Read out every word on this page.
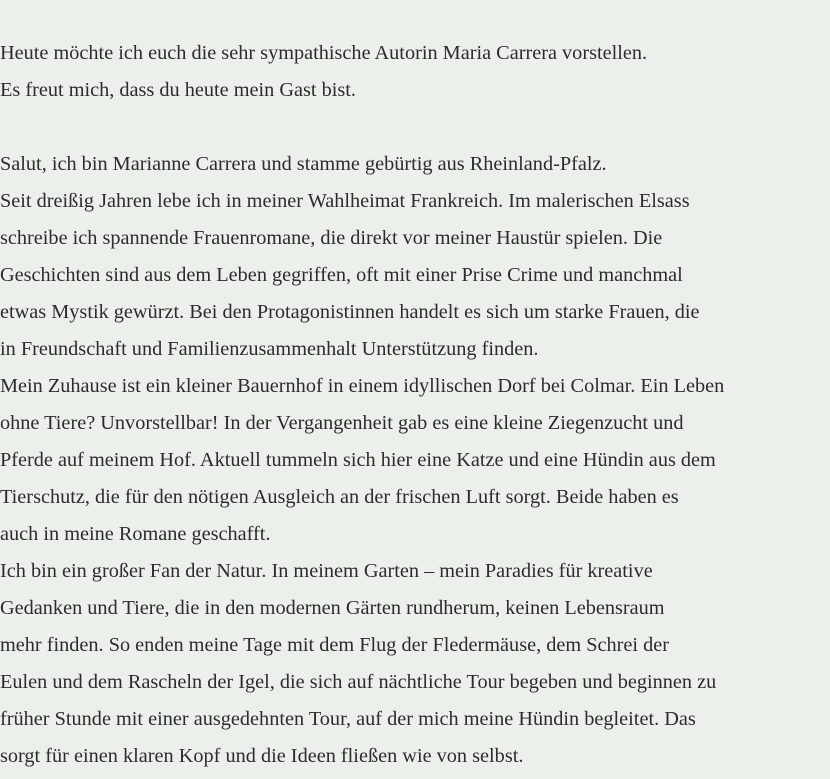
Heute möchte ich euch die sehr sympathische Autorin Maria Carrera vorstellen.
Es freut mich, dass du heute mein Gast bist.

Salut, ich bin Marianne Carrera und stamme gebürtig aus Rheinland-Pfalz.
Seit dreißig Jahren lebe ich in meiner Wahlheimat Frankreich. Im malerischen Elsass
schreibe ich spannende Frauenromane, die direkt vor meiner Haustür spielen. Die
Geschichten sind aus dem Leben gegriffen, oft mit einer Prise Crime und manchmal
etwas Mystik gewürzt. Bei den Protagonistinnen handelt es sich um starke Frauen, die
in Freundschaft und Familienzusammenhalt Unterstützung finden.
Mein Zuhause ist ein kleiner Bauernhof in einem idyllischen Dorf bei Colmar. Ein Leben
ohne Tiere? Unvorstellbar! In der Vergangenheit gab es eine kleine Ziegenzucht und
Pferde auf meinem Hof. Aktuell tummeln sich hier eine Katze und eine Hündin aus dem
Tierschutz, die für den nötigen Ausgleich an der frischen Luft sorgt. Beide haben es
auch in meine Romane geschafft.
Ich bin ein großer Fan der Natur. In meinem Garten – mein Paradies für kreative
Gedanken und Tiere, die in den modernen Gärten rundherum, keinen Lebensraum
mehr finden. So enden meine Tage mit dem Flug der Fledermäuse, dem Schrei der
Eulen und dem Rascheln der Igel, die sich auf nächtliche Tour begeben und beginnen zu
früher Stunde mit einer ausgedehnten Tour, auf der mich meine Hündin begleitet. Das
sorgt für einen klaren Kopf und die Ideen fließen wie von selbst.
